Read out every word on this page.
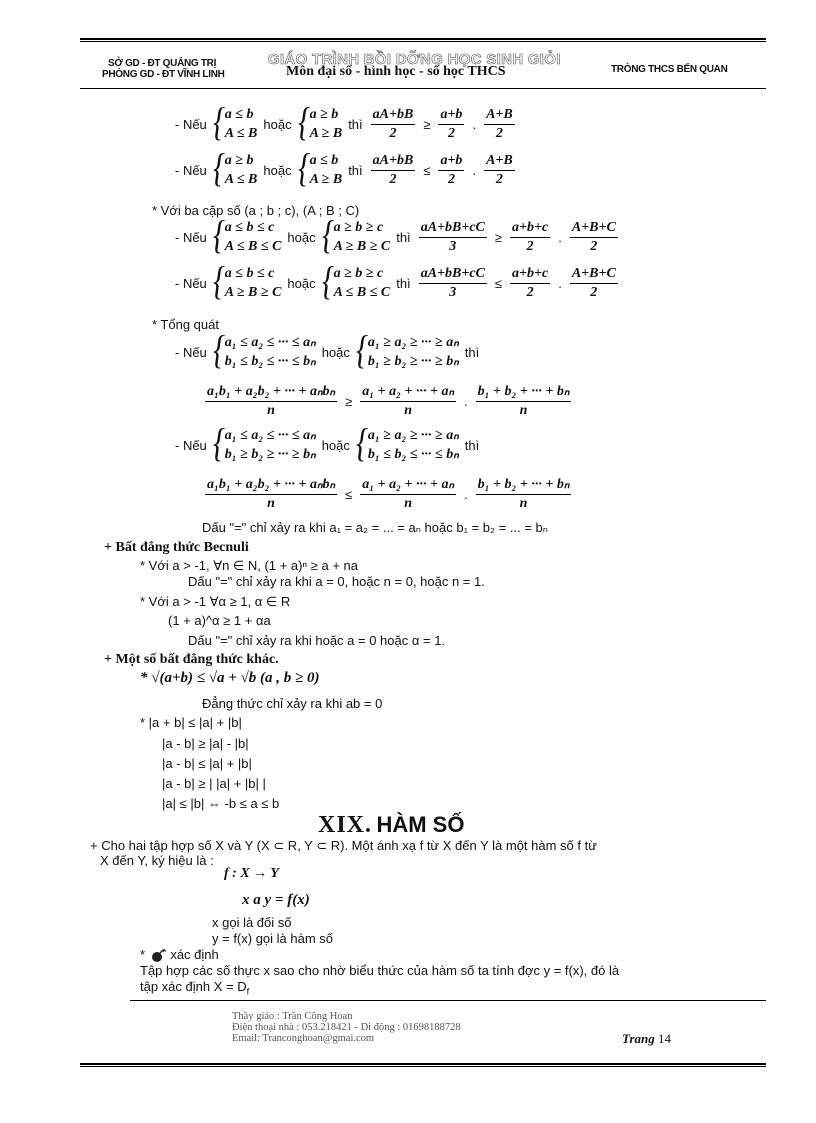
SỞ GD - ĐT QUẢNG TRỊ
PHÒNG GD - ĐT VĨNH LINH
GIÁO TRÌNH BỒI DỠNG HỌC SINH GIỎI
Môn đại số - hình học - số học THCS	TRÒNG THCS BẾN QUAN
- Nếu
{ a ≤ b
A ≤ B
hoặc
{ a ≥ b
A ≥ B
thì $\frac{aA+bB}{2} \ge \frac{a+b}{2}$ . $\frac{A+B}{2}$
- Nếu
{ a ≥ b
A ≤ B
hoặc
{ a ≤ b
A ≥ B
thì $\frac{aA+bB}{2} \le \frac{a+b}{2}$ . $\frac{A+B}{2}$
* Với ba cặp số (a ; b ; c), (A ; B ; C)
- Nếu
{ a ≤ b ≤ c
A ≤ B ≤ C
hoặc
{ a ≥ b ≥ c
A ≥ B ≥ C
thì $\frac{aA+bB+cC}{3} \ge \frac{a+b+c}{2}$ . $\frac{A+B+C}{2}$
- Nếu
{ a ≤ b ≤ c
A ≥ B ≥ C
hoặc
{ a ≥ b ≥ c
A ≤ B ≤ C
thì $\frac{aA+bB+cC}{3} \le \frac{a+b+c}{2}$ . $\frac{A+B+C}{2}$
* Tổng quát
- Nếu
{ a₁ ≤ a₂ ≤ ··· ≤ aₙ
b₁ ≤ b₂ ≤ ··· ≤ bₙ
hoặc
{ a₁ ≥ a₂ ≥ ··· ≥ aₙ
b₁ ≥ b₂ ≥ ··· ≥ bₙ
thì
$\frac{\text{a₁b₁ + a₂b₂ + ··· + aₙbₙ}}{n} \ge \frac{\text{a₁ + a₂ + ··· + aₙ}}{n}$ . $\frac{\text{b₁ + b₂ + ··· + bₙ}}{n}$
- Nếu
{ a₁ ≤ a₂ ≤ ··· ≤ aₙ
b₁ ≥ b₂ ≥ ··· ≥ bₙ
hoặc
{ a₁ ≥ a₂ ≥ ··· ≥ aₙ
b₁ ≤ b₂ ≤ ··· ≤ bₙ
thì
$\frac{\text{a₁b₁ + a₂b₂ + ··· + aₙbₙ}}{n} \le \frac{\text{a₁ + a₂ + ··· + aₙ}}{n}$ . $\frac{\text{b₁ + b₂ + ··· + bₙ}}{n}$
Dấu "=" chỉ xảy ra khi a₁ = a₂ = ... = aₙ hoặc b₁ = b₂ = ... = bₙ
+ Bất đẳng thức Becnuli
* Với a > -1, ∀n ∈ N, (1 + a)ⁿ ≥ a + na
Dấu "=" chỉ xảy ra khi a = 0, hoặc n = 0, hoặc n = 1.
* Với a > -1 ∀α ≥ 1, α ∈ R
(1 + a)^α ≥ 1 + αa
Dấu "=" chỉ xảy ra khi hoặc a = 0 hoặc α = 1.
+ Một số bất đẳng thức khác.
* √(a+b) ≤ √a + √b (a , b ≥ 0)
Đẳng thức chỉ xảy ra khi ab = 0
* |a + b| ≤ |a| + |b|
|a - b| ≥ |a| - |b|
|a - b| ≤ |a| + |b|
|a - b| ≥ | |a| + |b| |
|a| ≤ |b| ⇔ -b ≤ a ≤ b
XIX. HÀM SỐ
+ Cho hai tập hợp số X và Y (X ⊂ R, Y ⊂ R). Một ánh xạ f từ X đến Y là một hàm số f từ
X đến Y, ký hiệu là :
f : X → Y
x a y = f(x)
x gọi là đối số
y = f(x) gọi là hàm số
* xác định
Tập hợp các số thực x sao cho nhờ biểu thức của hàm số ta tính đợc y = f(x), đó là
tập xác định $X = D_f$
Thầy giáo : Trần Công Hoan
Điện thoại nhà : 053.218421 - Di động : 01698188728
Email: Tranconghoan@gmai.com	Trang 14
